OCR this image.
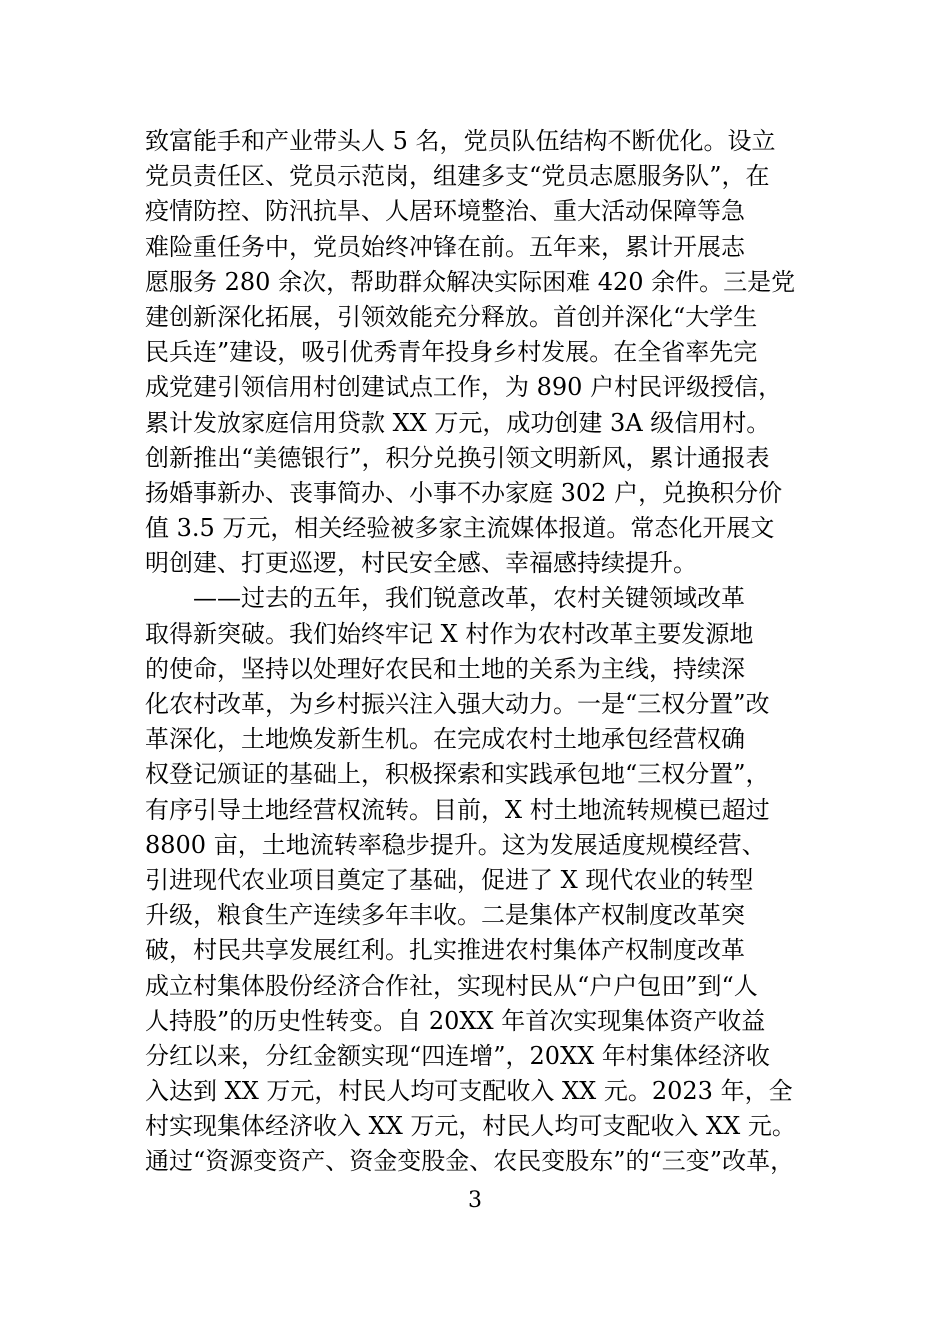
致富能手和产业带头人 5 名，党员队伍结构不断优化。设立
党员责任区、党员示范岗，组建多支“党员志愿服务队”，在
疫情防控、防汛抗旱、人居环境整治、重大活动保障等急
难险重任务中，党员始终冲锋在前。五年来，累计开展志
愿服务 280 余次，帮助群众解决实际困难 420 余件。三是党
建创新深化拓展，引领效能充分释放。首创并深化“大学生
民兵连”建设，吸引优秀青年投身乡村发展。在全省率先完
成党建引领信用村创建试点工作，为 890 户村民评级授信，
累计发放家庭信用贷款 XX 万元，成功创建 3A 级信用村。
创新推出“美德银行”，积分兑换引领文明新风，累计通报表
扬婚事新办、丧事简办、小事不办家庭 302 户，兑换积分价
值 3.5 万元，相关经验被多家主流媒体报道。常态化开展文
明创建、打更巡逻，村民安全感、幸福感持续提升。
——过去的五年，我们锐意改革，农村关键领域改革
取得新突破。我们始终牢记 X 村作为农村改革主要发源地
的使命，坚持以处理好农民和土地的关系为主线，持续深
化农村改革，为乡村振兴注入强大动力。一是“三权分置”改
革深化，土地焕发新生机。在完成农村土地承包经营权确
权登记颁证的基础上，积极探索和实践承包地“三权分置”，
有序引导土地经营权流转。目前，X 村土地流转规模已超过
8800 亩，土地流转率稳步提升。这为发展适度规模经营、
引进现代农业项目奠定了基础，促进了 X 现代农业的转型
升级，粮食生产连续多年丰收。二是集体产权制度改革突
破，村民共享发展红利。扎实推进农村集体产权制度改革
成立村集体股份经济合作社，实现村民从“户户包田”到“人
人持股”的历史性转变。自 20XX 年首次实现集体资产收益
分红以来，分红金额实现“四连增”，20XX 年村集体经济收
入达到 XX 万元，村民人均可支配收入 XX 元。2023 年，全
村实现集体经济收入 XX 万元，村民人均可支配收入 XX 元。
通过“资源变资产、资金变股金、农民变股东”的“三变”改革，
3
